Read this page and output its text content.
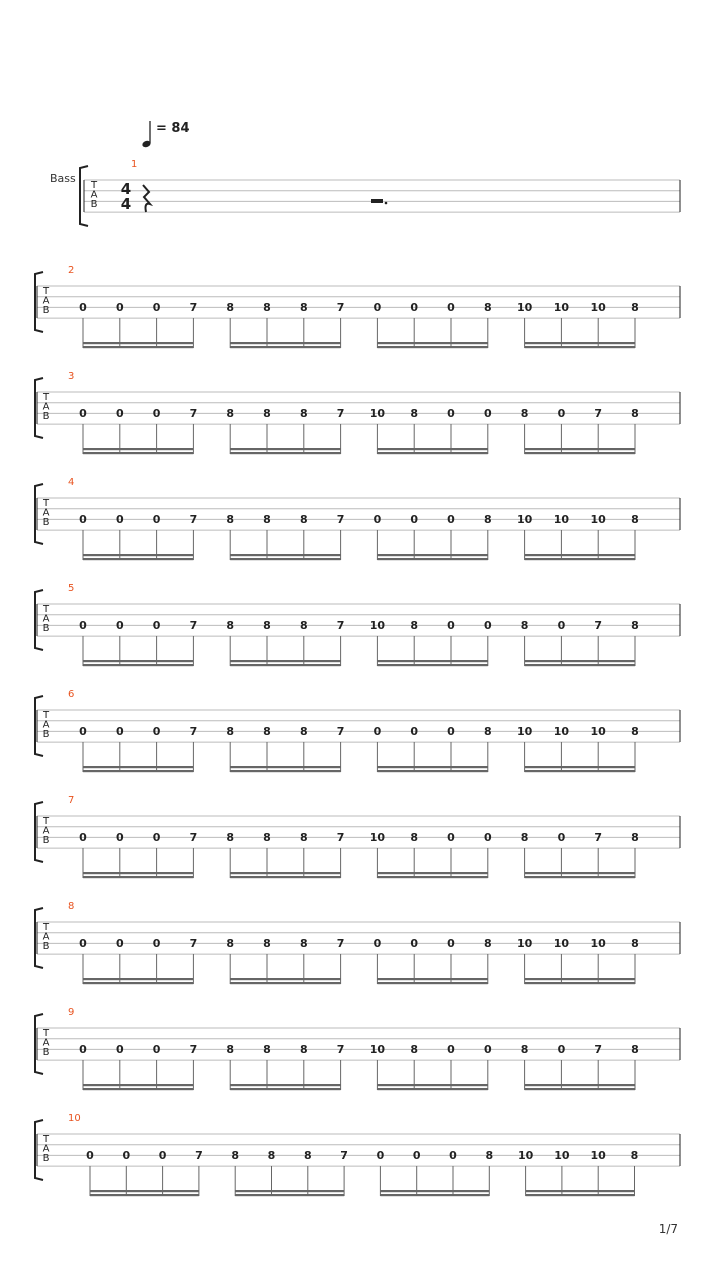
= 84
Bass
1
T
A
B
4
4
2
T
A
B	0	0	0	7	8	8	8	7	0	0	0	8 10 10 10 8
3
T
A
B	0	0	0	7	8	8	8	7 10 8	0	0	8	0	7	8
4
T
A
B	0	0	0	7	8	8	8	7	0	0	0	8 10 10 10 8
5
T
A
B	0	0	0	7	8	8	8	7 10 8	0	0	8	0	7	8
6
T
A
B	0	0	0	7	8	8	8	7	0	0	0	8 10 10 10 8
7
T
A
B	0	0	0	7	8	8	8	7 10 8	0	0	8	0	7	8
8
T
A
B	0	0	0	7	8	8	8	7	0	0	0	8 10 10 10 8
9
T
A
B	0	0	0	7	8	8	8	7 10 8	0	0	8	0	7	8
10
T
A
B	0	0	0	7	8	8	8	7	0	0	0	8 10 10 10 8
1/7
